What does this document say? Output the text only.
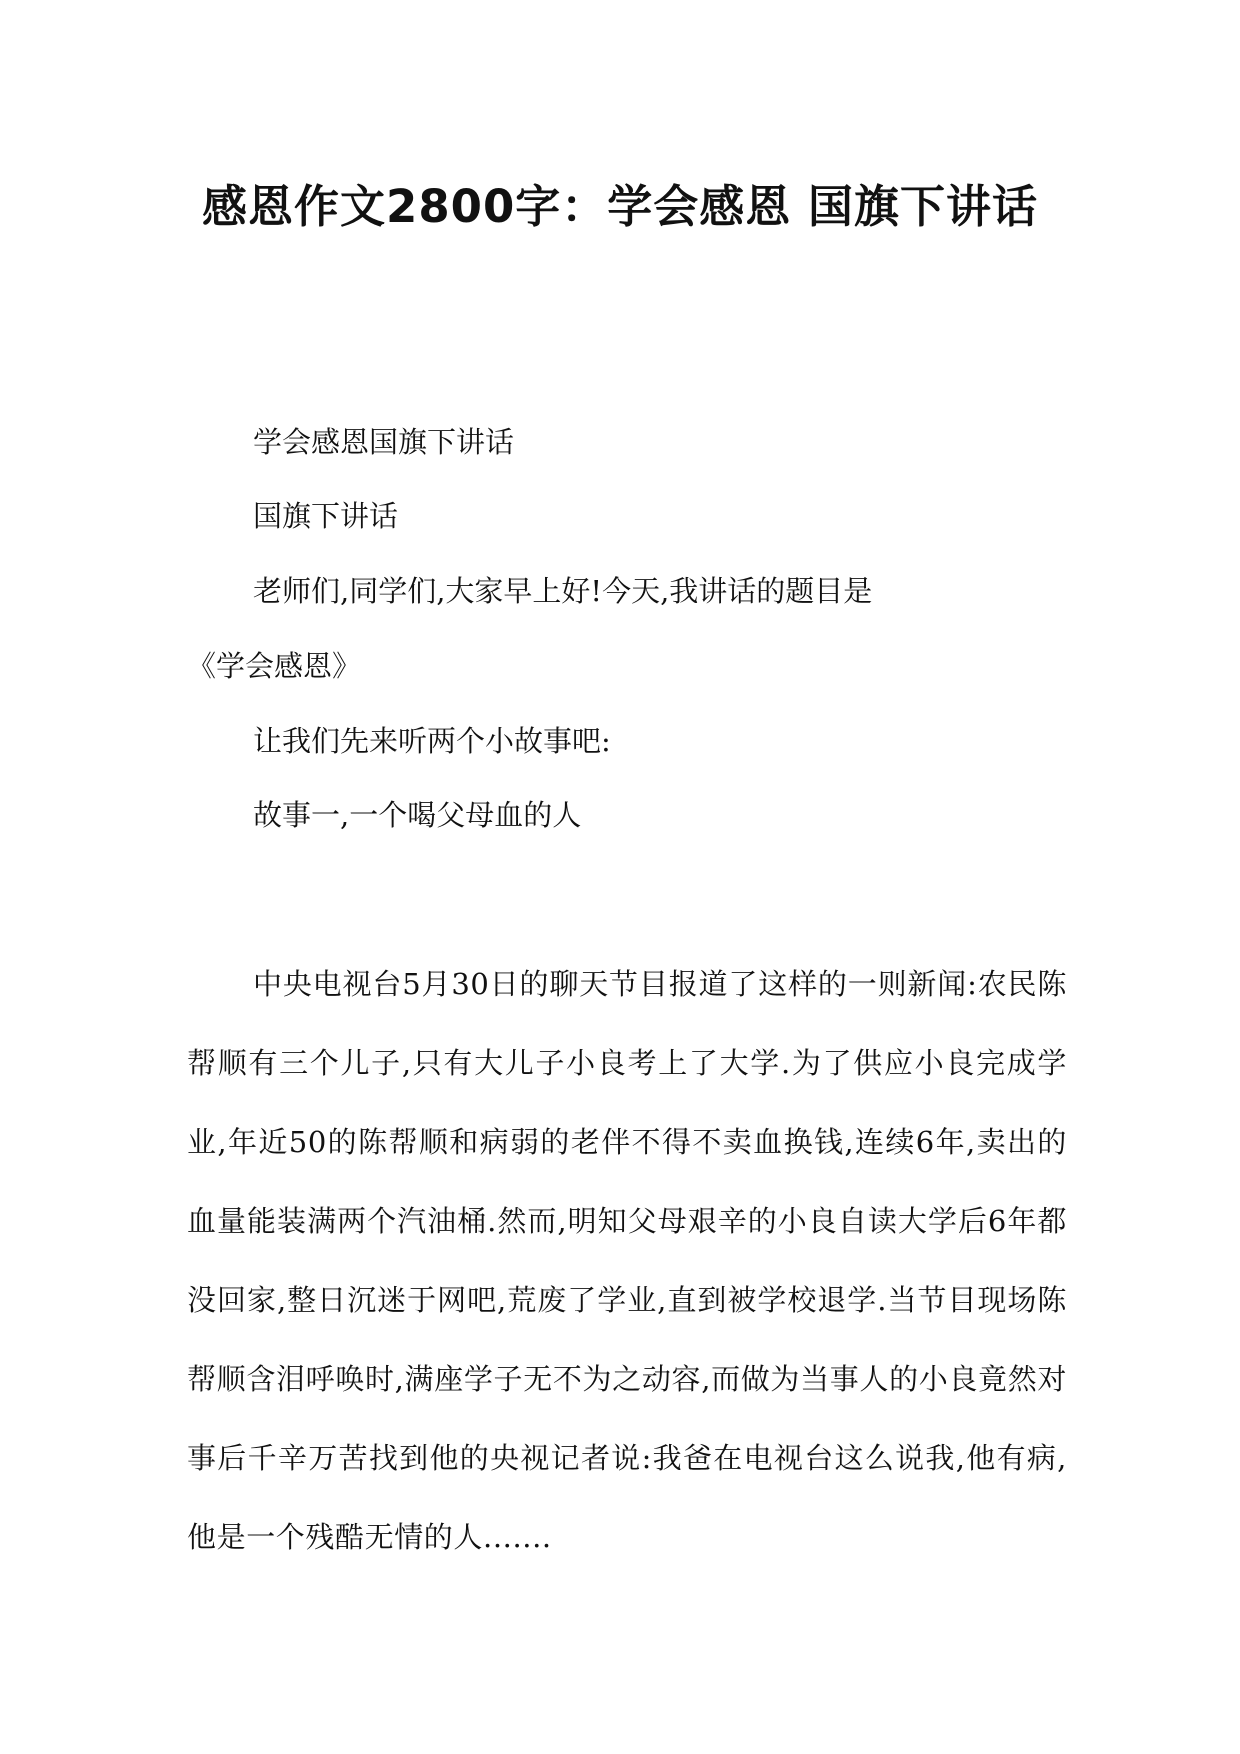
感恩作文2800字：学会感恩 国旗下讲话
学会感恩国旗下讲话
国旗下讲话
老师们,同学们,大家早上好!今天,我讲话的题目是
《学会感恩》
让我们先来听两个小故事吧:
故事一,一个喝父母血的人
中央电视台5月30日的聊天节目报道了这样的一则新闻:农民陈帮顺有三个儿子,只有大儿子小良考上了大学.为了供应小良完成学业,年近50的陈帮顺和病弱的老伴不得不卖血换钱,连续6年,卖出的血量能装满两个汽油桶.然而,明知父母艰辛的小良自读大学后6年都没回家,整日沉迷于网吧,荒废了学业,直到被学校退学.当节目现场陈帮顺含泪呼唤时,满座学子无不为之动容,而做为当事人的小良竟然对事后千辛万苦找到他的央视记者说:我爸在电视台这么说我,他有病,他是一个残酷无情的人.......
